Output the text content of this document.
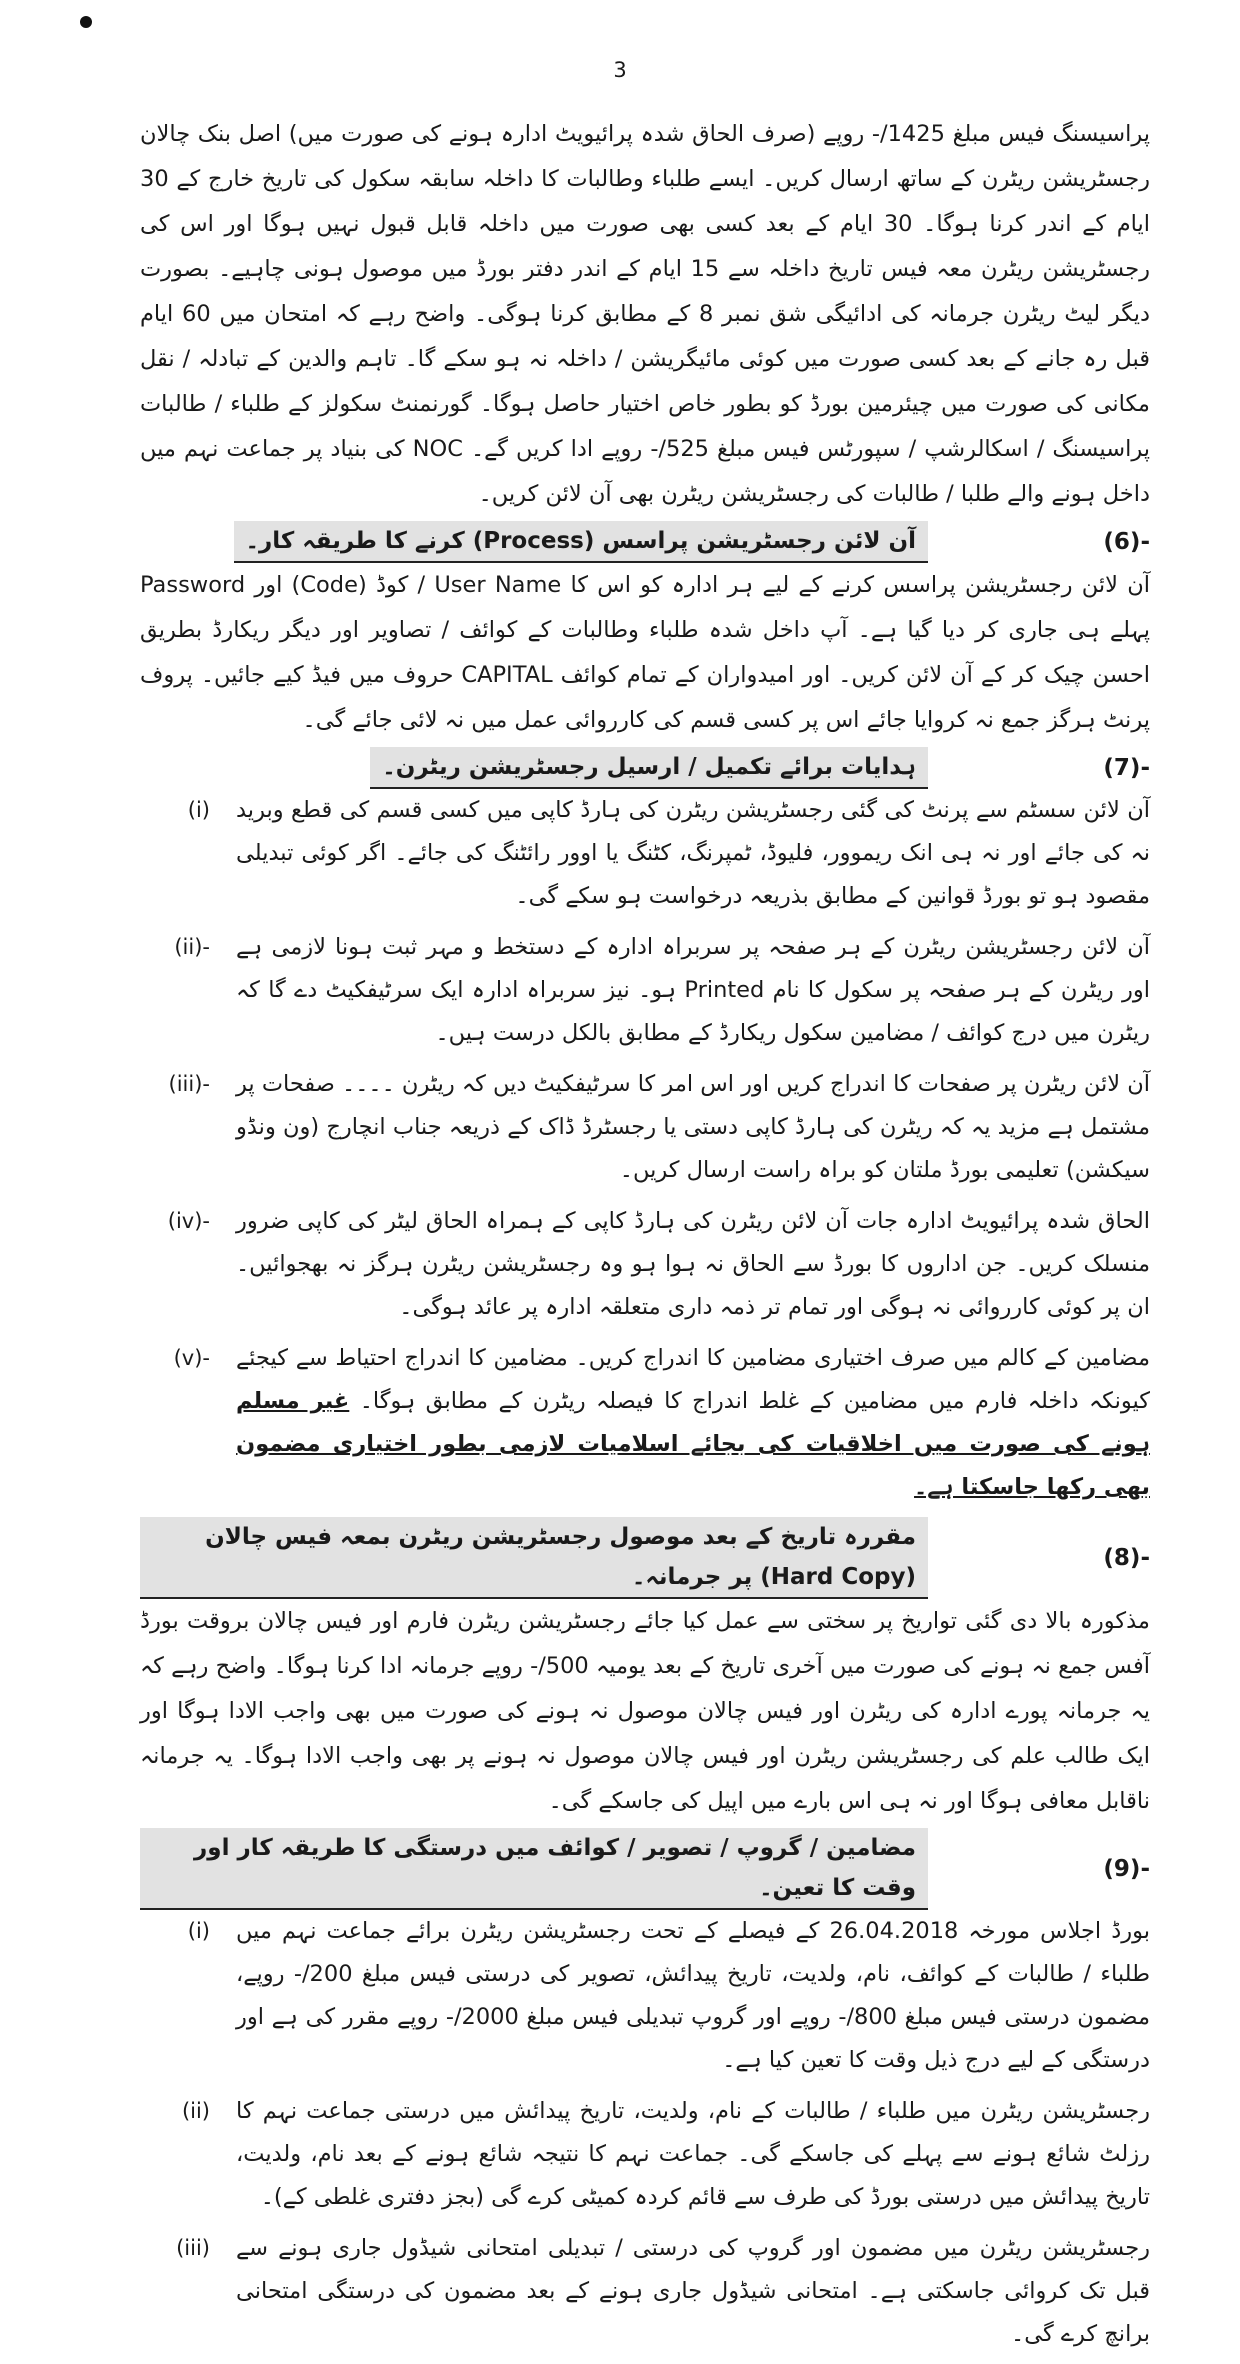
3

پراسیسنگ فیس مبلغ ‎-/1425‎ روپے (صرف الحاق شدہ پرائیویٹ ادارہ ہونے کی صورت میں) اصل بنک چالان رجسٹریشن ریٹرن کے ساتھ ارسال کریں۔ ایسے طلباء وطالبات کا داخلہ سابقہ سکول کی تاریخ خارج کے 30 ایام کے اندر کرنا ہوگا۔ 30 ایام کے بعد کسی بھی صورت میں داخلہ قابل قبول نہیں ہوگا اور اس کی رجسٹریشن ریٹرن معہ فیس تاریخ داخلہ سے 15 ایام کے اندر دفتر بورڈ میں موصول ہونی چاہیے۔ بصورت دیگر لیٹ ریٹرن جرمانہ کی ادائیگی شق نمبر 8 کے مطابق کرنا ہوگی۔ واضح رہے کہ امتحان میں 60 ایام قبل رہ جانے کے بعد کسی صورت میں کوئی مائیگریشن / داخلہ نہ ہو سکے گا۔ تاہم والدین کے تبادلہ / نقل مکانی کی صورت میں چیئرمین بورڈ کو بطور خاص اختیار حاصل ہوگا۔ گورنمنٹ سکولز کے طلباء / طالبات پراسیسنگ / اسکالرشپ / سپورٹس فیس مبلغ ‎-/525‎ روپے ادا کریں گے۔ NOC کی بنیاد پر جماعت نہم میں داخل ہونے والے طلبا / طالبات کی رجسٹریشن ریٹرن بھی آن لائن کریں۔

(6)-
آن لائن رجسٹریشن پراسس (Process) کرنے کا طریقہ کار۔

آن لائن رجسٹریشن پراسس کرنے کے لیے ہر ادارہ کو اس کا User Name / کوڈ (Code) اور Password پہلے ہی جاری کر دیا گیا ہے۔ آپ داخل شدہ طلباء وطالبات کے کوائف / تصاویر اور دیگر ریکارڈ بطریق احسن چیک کر کے آن لائن کریں۔ اور امیدواران کے تمام کوائف CAPITAL حروف میں فیڈ کیے جائیں۔ پروف پرنٹ ہرگز جمع نہ کروایا جائے اس پر کسی قسم کی کارروائی عمل میں نہ لائی جائے گی۔

(7)-
ہدایات برائے تکمیل / ارسیل رجسٹریشن ریٹرن۔

آن لائن سسٹم سے پرنٹ کی گئی رجسٹریشن ریٹرن کی ہارڈ کاپی میں کسی قسم کی قطع وبرید نہ کی جائے اور نہ ہی انک ریموور، فلیوڈ، ٹمپرنگ، کٹنگ یا اوور رائٹنگ کی جائے۔ اگر کوئی تبدیلی مقصود ہو تو بورڈ قوانین کے مطابق بذریعہ درخواست ہو سکے گی۔

(i)

آن لائن رجسٹریشن ریٹرن کے ہر صفحہ پر سربراہ ادارہ کے دستخط و مہر ثبت ہونا لازمی ہے اور ریٹرن کے ہر صفحہ پر سکول کا نام Printed ہو۔ نیز سربراہ ادارہ ایک سرٹیفکیٹ دے گا کہ ریٹرن میں درج کوائف / مضامین سکول ریکارڈ کے مطابق بالکل درست ہیں۔

(ii)-

آن لائن ریٹرن پر صفحات کا اندراج کریں اور اس امر کا سرٹیفکیٹ دیں کہ ریٹرن ۔۔۔۔ صفحات پر مشتمل ہے مزید یہ کہ ریٹرن کی ہارڈ کاپی دستی یا رجسٹرڈ ڈاک کے ذریعہ جناب انچارج (ون ونڈو سیکشن) تعلیمی بورڈ ملتان کو براہ راست ارسال کریں۔

(iii)-

الحاق شدہ پرائیویٹ ادارہ جات آن لائن ریٹرن کی ہارڈ کاپی کے ہمراہ الحاق لیٹر کی کاپی ضرور منسلک کریں۔ جن اداروں کا بورڈ سے الحاق نہ ہوا ہو وہ رجسٹریشن ریٹرن ہرگز نہ بھجوائیں۔ ان پر کوئی کارروائی نہ ہوگی اور تمام تر ذمہ داری متعلقہ ادارہ پر عائد ہوگی۔

(iv)-

مضامین کے کالم میں صرف اختیاری مضامین کا اندراج کریں۔ مضامین کا اندراج احتیاط سے کیجئے کیونکہ داخلہ فارم میں مضامین کے غلط اندراج کا فیصلہ ریٹرن کے مطابق ہوگا۔ غیر مسلم ہونے کی صورت میں اخلاقیات کی بجائے اسلامیات لازمی بطور اختیاری مضمون بھی رکھا جاسکتا ہے۔

(v)-
(8)-
مقررہ تاریخ کے بعد موصول رجسٹریشن ریٹرن بمعہ فیس چالان (Hard Copy) پر جرمانہ۔

مذکورہ بالا دی گئی تواریخ پر سختی سے عمل کیا جائے رجسٹریشن ریٹرن فارم اور فیس چالان بروقت بورڈ آفس جمع نہ ہونے کی صورت میں آخری تاریخ کے بعد یومیہ ‎-/500‎ روپے جرمانہ ادا کرنا ہوگا۔ واضح رہے کہ یہ جرمانہ پورے ادارہ کی ریٹرن اور فیس چالان موصول نہ ہونے کی صورت میں بھی واجب الادا ہوگا اور ایک طالب علم کی رجسٹریشن ریٹرن اور فیس چالان موصول نہ ہونے پر بھی واجب الادا ہوگا۔ یہ جرمانہ ناقابل معافی ہوگا اور نہ ہی اس بارے میں اپیل کی جاسکے گی۔

(9)-
مضامین / گروپ / تصویر / کوائف میں درستگی کا طریقہ کار اور وقت کا تعین۔

بورڈ اجلاس مورخہ 26.04.2018 کے فیصلے کے تحت رجسٹریشن ریٹرن برائے جماعت نہم میں طلباء / طالبات کے کوائف، نام، ولدیت، تاریخ پیدائش، تصویر کی درستی فیس مبلغ ‎-/200‎ روپے، مضمون درستی فیس مبلغ ‎-/800‎ روپے اور گروپ تبدیلی فیس مبلغ ‎-/2000‎ روپے مقرر کی ہے اور درستگی کے لیے درج ذیل وقت کا تعین کیا ہے۔

(i)

رجسٹریشن ریٹرن میں طلباء / طالبات کے نام، ولدیت، تاریخ پیدائش میں درستی جماعت نہم کا رزلٹ شائع ہونے سے پہلے کی جاسکے گی۔ جماعت نہم کا نتیجہ شائع ہونے کے بعد نام، ولدیت، تاریخ پیدائش میں درستی بورڈ کی طرف سے قائم کردہ کمیٹی کرے گی (بجز دفتری غلطی کے)۔

(ii)

رجسٹریشن ریٹرن میں مضمون اور گروپ کی درستی / تبدیلی امتحانی شیڈول جاری ہونے سے قبل تک کروائی جاسکتی ہے۔ امتحانی شیڈول جاری ہونے کے بعد مضمون کی درستگی امتحانی برانچ کرے گی۔

(iii)
